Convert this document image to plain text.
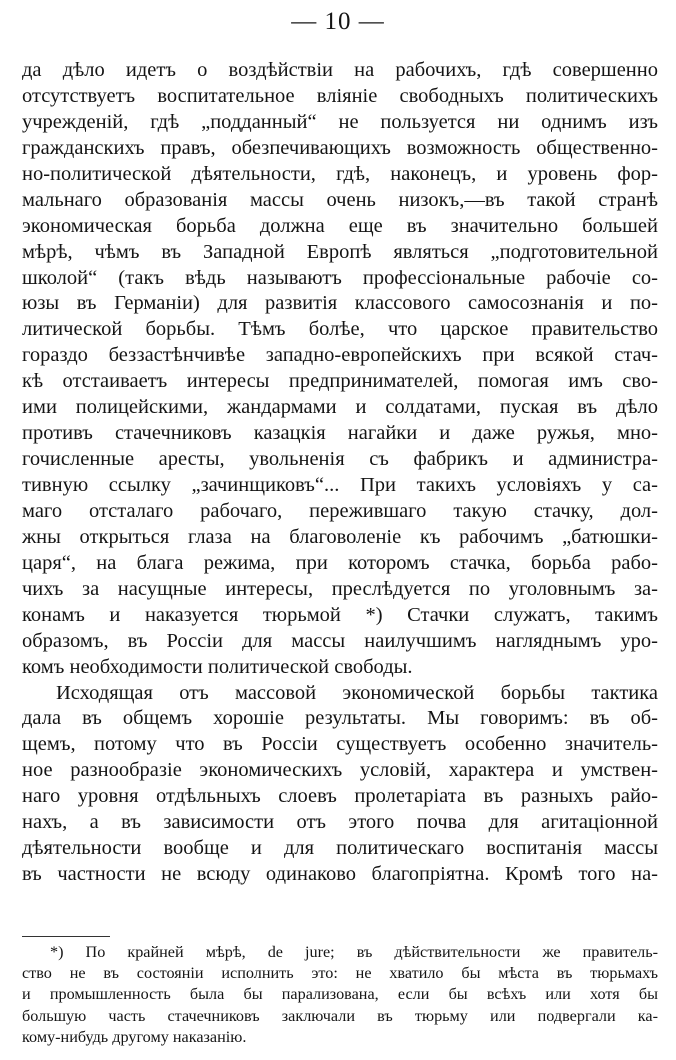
— 10 —
да дѣло идетъ о воздѣйствіи на рабочихъ, гдѣ совершенно
отсутствуетъ воспитательное вліяніе свободныхъ политическихъ
учрежденій, гдѣ „подданный“ не пользуется ни однимъ изъ
гражданскихъ правъ, обезпечивающихъ возможность общественно-
но-политической дѣятельности, гдѣ, наконецъ, и уровень фор-
мальнаго образованія массы очень низокъ,—въ такой странѣ
экономическая борьба должна еще въ значительно большей
мѣрѣ, чѣмъ въ Западной Европѣ являться „подготовительной
школой“ (такъ вѣдь называютъ профессіональные рабочіе со-
юзы въ Германіи) для развитія классового самосознанія и по-
литической борьбы. Тѣмъ болѣе, что царское правительство
гораздо беззастѣнчивѣе западно-европейскихъ при всякой стач-
кѣ отстаиваетъ интересы предпринимателей, помогая имъ сво-
ими полицейскими, жандармами и солдатами, пуская въ дѣло
противъ стачечниковъ казацкія нагайки и даже ружья, мно-
гочисленные аресты, увольненія съ фабрикъ и администра-
тивную ссылку „зачинщиковъ“... При такихъ условіяхъ у са-
маго отсталаго рабочаго, пережившаго такую стачку, дол-
жны открыться глаза на благоволеніе къ рабочимъ „батюшки-
царя“, на блага режима, при которомъ стачка, борьба рабо-
чихъ за насущные интересы, преслѣдуется по уголовнымъ за-
конамъ и наказуется тюрьмой *) Стачки служатъ, такимъ
образомъ, въ Россіи для массы наилучшимъ нагляднымъ уро-
комъ необходимости политической свободы.
Исходящая отъ массовой экономической борьбы тактика
дала въ общемъ хорошіе результаты. Мы говоримъ: въ об-
щемъ, потому что въ Россіи существуетъ особенно значитель-
ное разнообразіе экономическихъ условій, характера и умствен-
наго уровня отдѣльныхъ слоевъ пролетаріата въ разныхъ райо-
нахъ, а въ зависимости отъ этого почва для агитаціонной
дѣятельности вообще и для политическаго воспитанія массы
въ частности не всюду одинаково благопріятна. Кромѣ того на-
*) По крайней мѣрѣ, de jure; въ дѣйствительности же правитель-
ство не въ состояніи исполнить это: не хватило бы мѣста въ тюрьмахъ
и промышленность была бы парализована, если бы всѣхъ или хотя бы
большую часть стачечниковъ заключали въ тюрьму или подвергали ка-
кому-нибудь другому наказанію.
